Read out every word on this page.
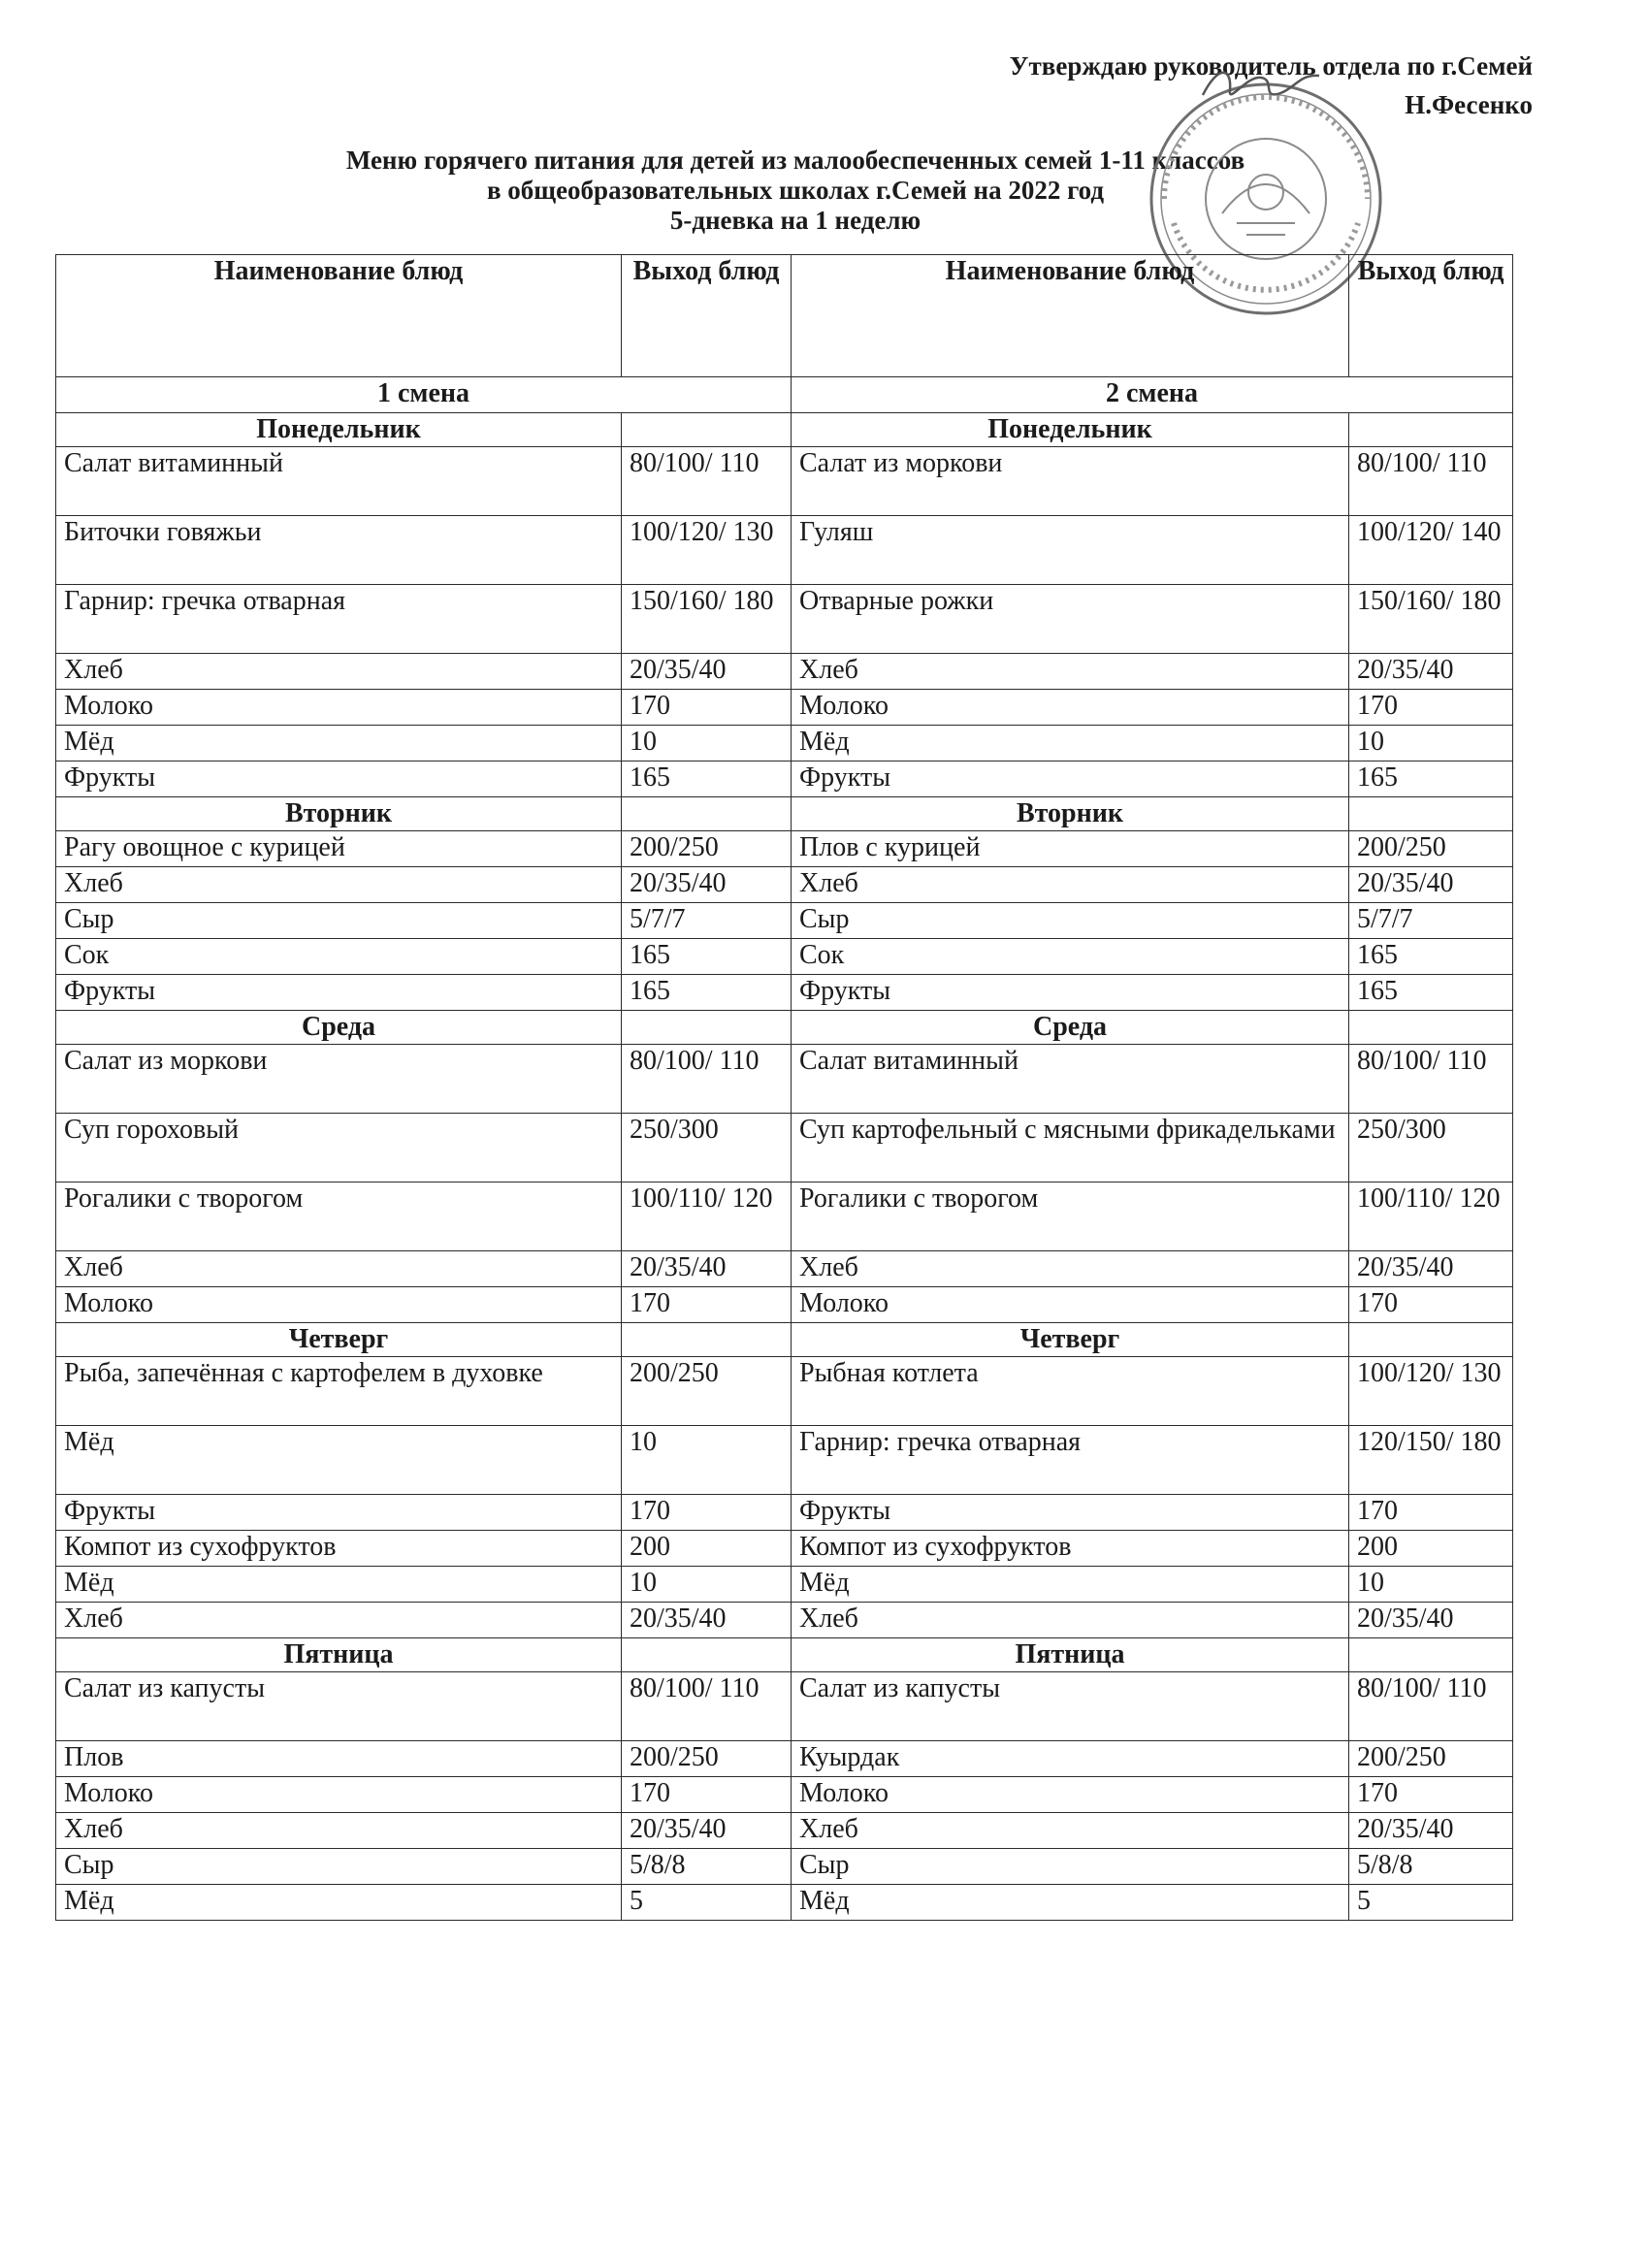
Утверждаю руководитель отдела по г.Семей
Н.Фесенко
Меню горячего питания для детей из малообеспеченных семей 1-11 классов
в общеобразовательных школах г.Семей на 2022 год
5-дневка на 1 неделю
Наименование блюд	Выход блюд	Наименование блюд	Выход блюд
1 смена		2 смена	
Понедельник		Понедельник	
Салат витаминный	80/100/ 110	Салат из моркови	80/100/ 110
Биточки говяжьи	100/120/ 130	Гуляш	100/120/ 140
Гарнир: гречка отварная	150/160/ 180	Отварные рожки	150/160/ 180
Хлеб	20/35/40	Хлеб	20/35/40
Молоко	170	Молоко	170
Мёд	10	Мёд	10
Фрукты	165	Фрукты	165
Вторник		Вторник	
Рагу овощное с курицей	200/250	Плов с курицей	200/250
Хлеб	20/35/40	Хлеб	20/35/40
Сыр	5/7/7	Сыр	5/7/7
Сок	165	Сок	165
Фрукты	165	Фрукты	165
Среда		Среда	
Салат из моркови	80/100/ 110	Салат витаминный	80/100/ 110
Суп гороховый	250/300	Суп картофельный с мясными фрикадельками	250/300
Рогалики с творогом	100/110/ 120	Рогалики с творогом	100/110/ 120
Хлеб	20/35/40	Хлеб	20/35/40
Молоко	170	Молоко	170
Четверг		Четверг	
Рыба, запечённая с картофелем в духовке	200/250	Рыбная котлета	100/120/ 130
Мёд	10	Гарнир: гречка отварная	120/150/ 180
Фрукты	170	Фрукты	170
Компот из сухофруктов	200	Компот из сухофруктов	200
Мёд	10	Мёд	10
Хлеб	20/35/40	Хлеб	20/35/40
Пятница		Пятница	
Салат из капусты	80/100/ 110	Салат из капусты	80/100/ 110
Плов	200/250	Куырдак	200/250
Молоко	170	Молоко	170
Хлеб	20/35/40	Хлеб	20/35/40
Сыр	5/8/8	Сыр	5/8/8
Мёд	5	Мёд	5
